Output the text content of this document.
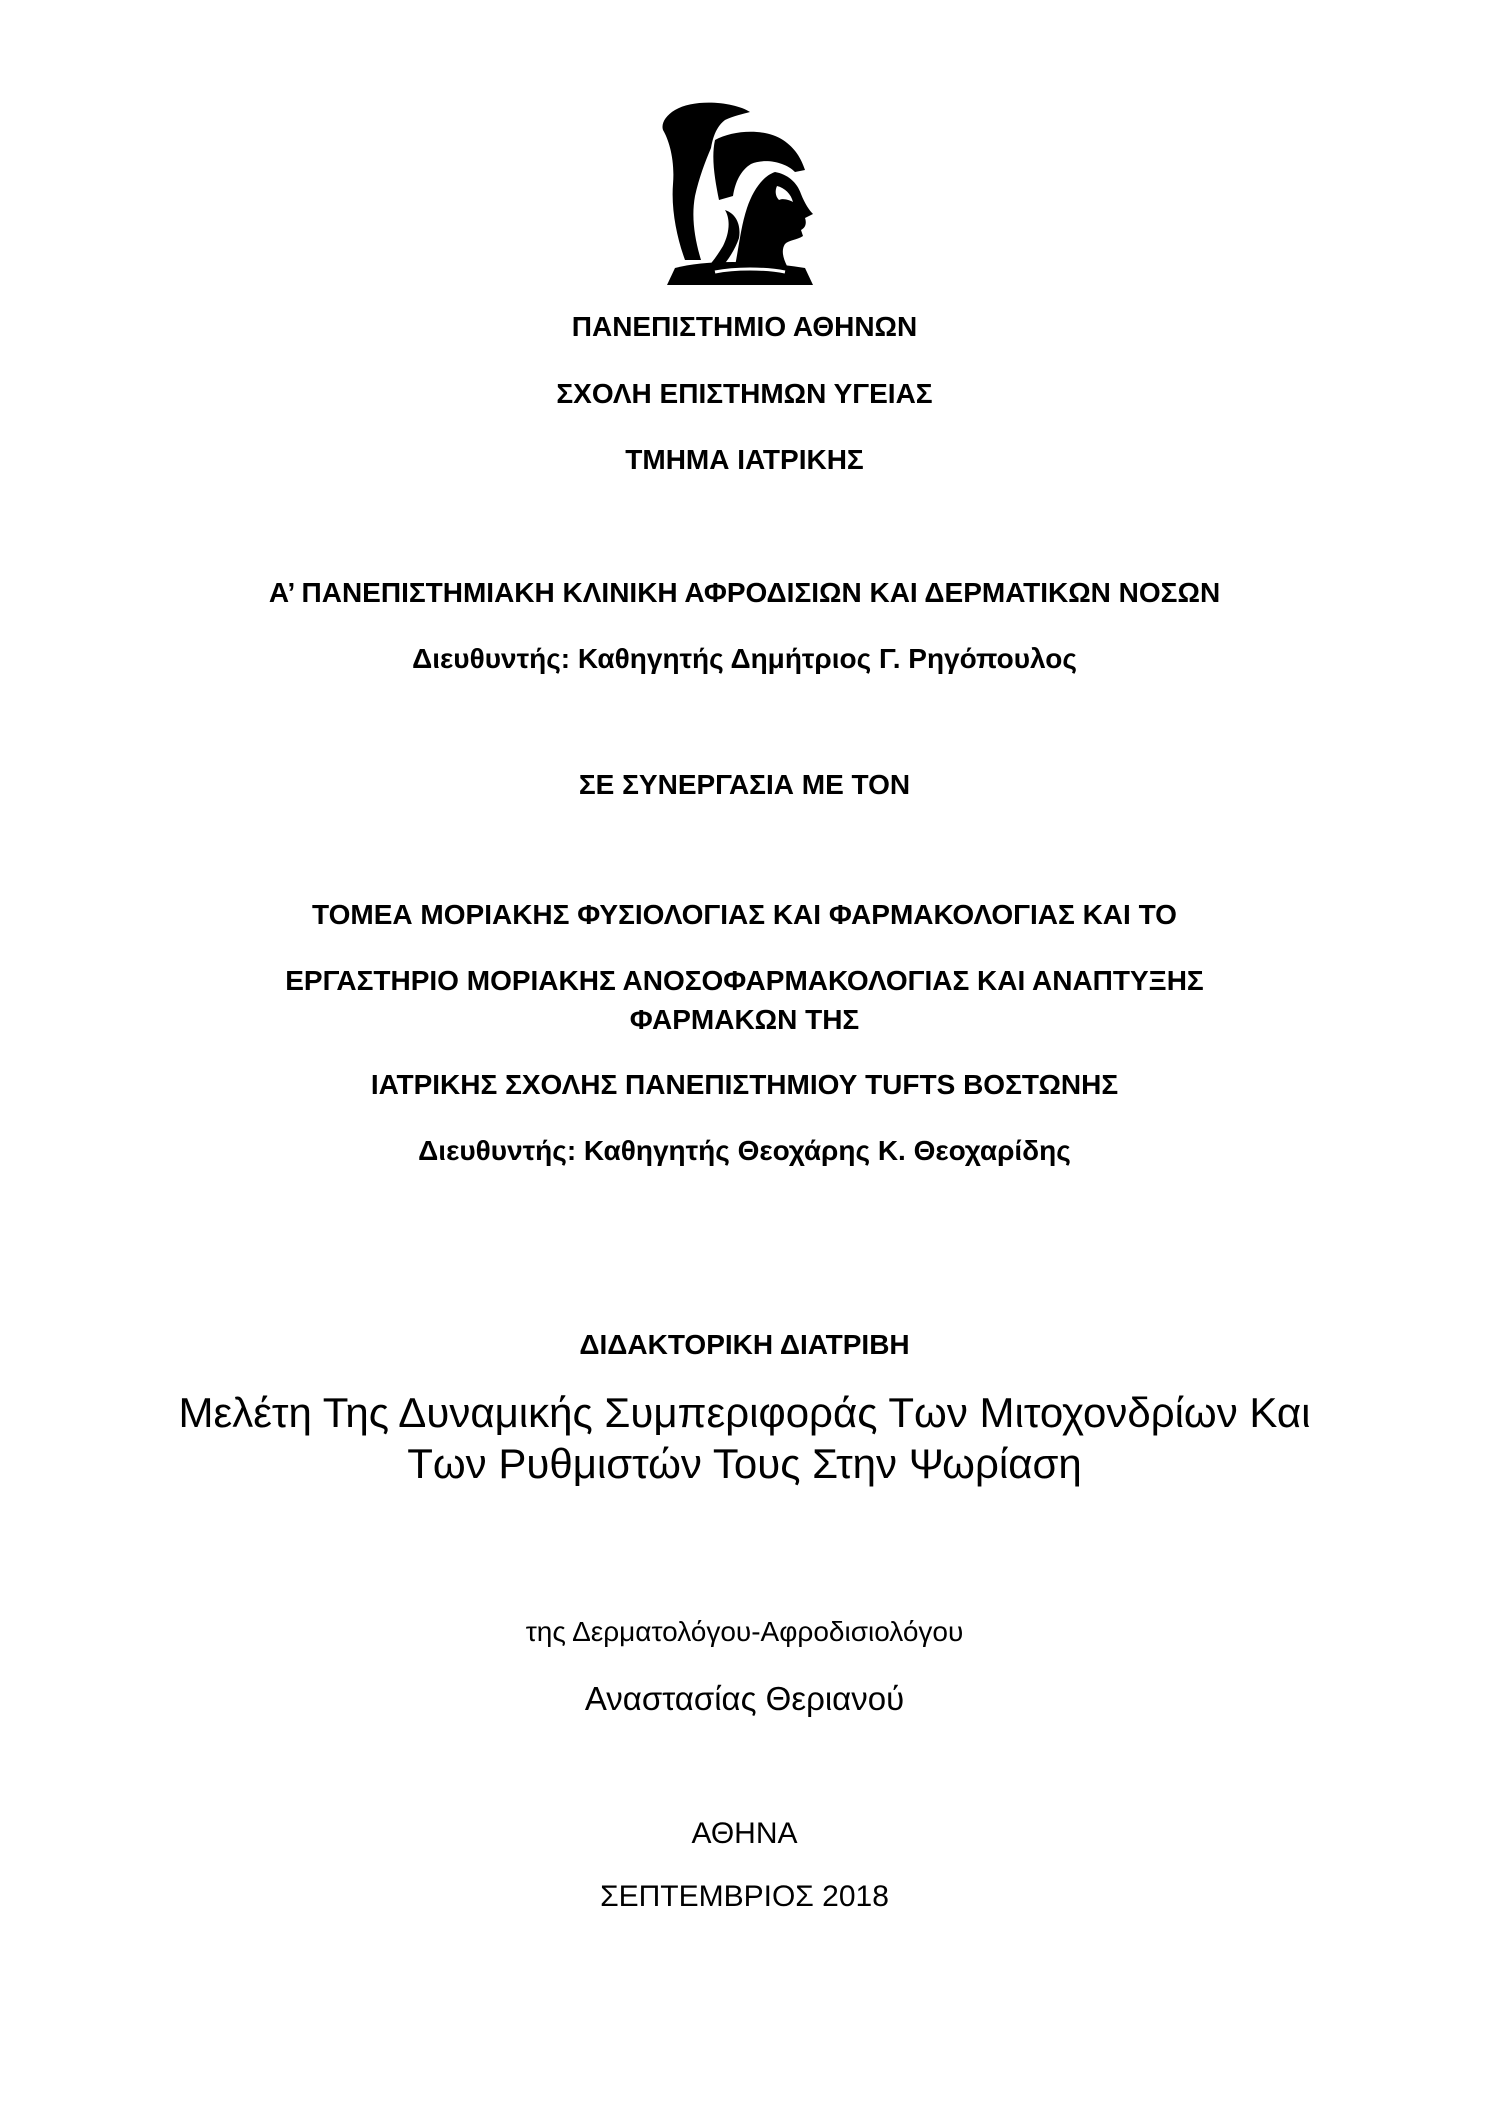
ΠΑΝΕΠΙΣΤΗΜΙΟ ΑΘΗΝΩΝ
ΣΧΟΛΗ ΕΠΙΣΤΗΜΩΝ ΥΓΕΙΑΣ
ΤΜΗΜΑ ΙΑΤΡΙΚΗΣ
Α’ ΠΑΝΕΠΙΣΤΗΜΙΑΚΗ ΚΛΙΝΙΚΗ ΑΦΡΟΔΙΣΙΩΝ ΚΑΙ ΔΕΡΜΑΤΙΚΩΝ ΝΟΣΩΝ
Διευθυντής: Καθηγητής Δημήτριος Γ. Ρηγόπουλος
ΣΕ ΣΥΝΕΡΓΑΣΙΑ ΜΕ ΤΟΝ
ΤΟΜΕΑ ΜΟΡΙΑΚΗΣ ΦΥΣΙΟΛΟΓΙΑΣ ΚΑΙ ΦΑΡΜΑΚΟΛΟΓΙΑΣ ΚΑΙ ΤΟ
ΕΡΓΑΣΤΗΡΙΟ ΜΟΡΙΑΚΗΣ ΑΝΟΣΟΦΑΡΜΑΚΟΛΟΓΙΑΣ ΚΑΙ ΑΝΑΠΤΥΞΗΣ
ΦΑΡΜΑΚΩΝ ΤΗΣ
ΙΑΤΡΙΚΗΣ ΣΧΟΛΗΣ ΠΑΝΕΠΙΣΤΗΜΙΟΥ TUFTS ΒΟΣΤΩΝΗΣ
Διευθυντής: Καθηγητής Θεοχάρης Κ. Θεοχαρίδης
ΔΙΔΑΚΤΟΡΙΚΗ ΔΙΑΤΡΙΒΗ
Μελέτη Της Δυναμικής Συμπεριφοράς Των Μιτοχονδρίων Και
Των Ρυθμιστών Τους Στην Ψωρίαση
της Δερματολόγου-Αφροδισιολόγου
Αναστασίας Θεριανού
ΑΘΗΝΑ
ΣΕΠΤΕΜΒΡΙΟΣ 2018
